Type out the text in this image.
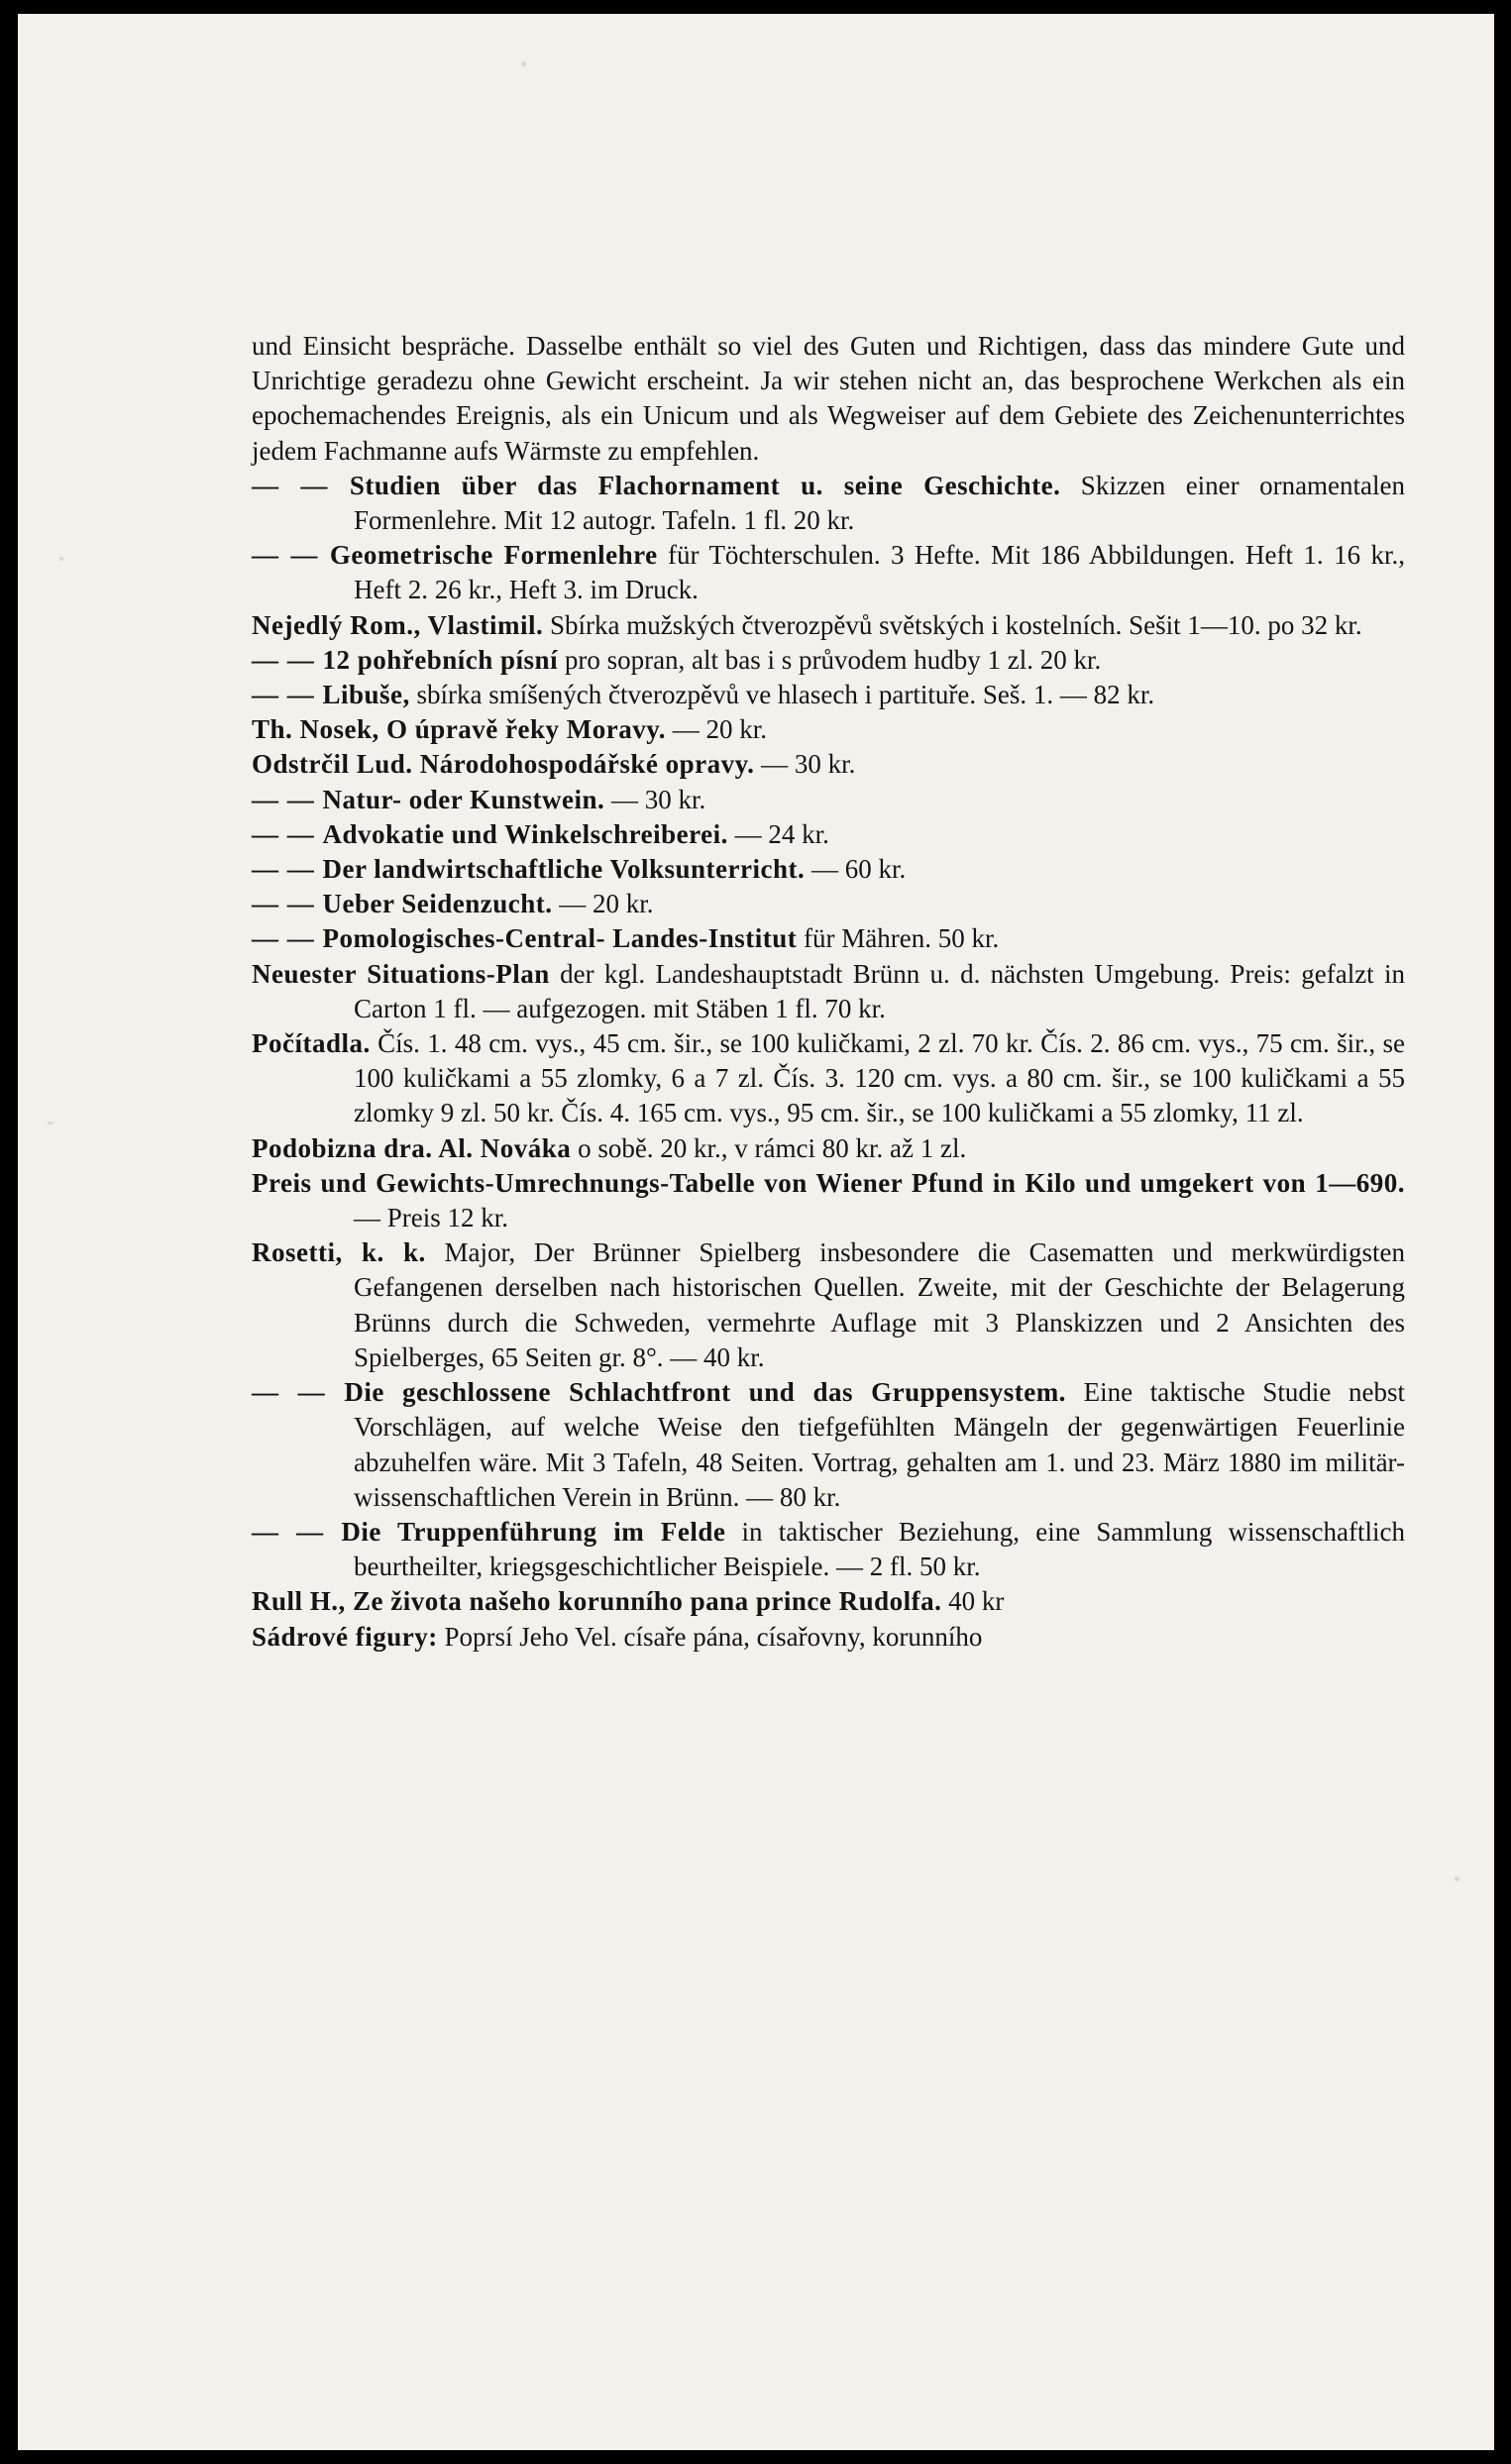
und Einsicht bespräche. Dasselbe enthält so viel des Guten und Richtigen, dass das mindere Gute und Unrichtige geradezu ohne Gewicht erscheint. Ja wir stehen nicht an, das besprochene Werkchen als ein epochemachendes Ereignis, als ein Unicum und als Wegweiser auf dem Gebiete des Zeichenunterrichtes jedem Fachmanne aufs Wärmste zu empfehlen.
— — Studien über das Flachornament u. seine Geschichte. Skizzen einer ornamentalen Formenlehre. Mit 12 autogr. Tafeln. 1 fl. 20 kr.
— — Geometrische Formenlehre für Töchterschulen. 3 Hefte. Mit 186 Abbildungen. Heft 1. 16 kr., Heft 2. 26 kr., Heft 3. im Druck.
Nejedlý Rom., Vlastimil. Sbírka mužských čtverozpěvů světských i kostelních. Sešit 1—10. po 32 kr.
— — 12 pohřebních písní pro sopran, alt bas i s průvodem hudby 1 zl. 20 kr.
— — Libuše, sbírka smíšených čtverozpěvů ve hlasech i partituře. Seš. 1. — 82 kr.
Th. Nosek, O úpravě řeky Moravy. — 20 kr.
Odstrčil Lud. Národohospodářské opravy. — 30 kr.
— — Natur- oder Kunstwein. — 30 kr.
— — Advokatie und Winkelschreiberei. — 24 kr.
— — Der landwirtschaftliche Volksunterricht. — 60 kr.
— — Ueber Seidenzucht. — 20 kr.
— — Pomologisches-Central- Landes-Institut für Mähren. 50 kr.
Neuester Situations-Plan der kgl. Landeshauptstadt Brünn u. d. nächsten Umgebung. Preis: gefalzt in Carton 1 fl. — aufgezogen. mit Stäben 1 fl. 70 kr.
Počítadla. Čís. 1. 48 cm. vys., 45 cm. šir., se 100 kuličkami, 2 zl. 70 kr. Čís. 2. 86 cm. vys., 75 cm. šir., se 100 kuličkami a 55 zlomky, 6 a 7 zl. Čís. 3. 120 cm. vys. a 80 cm. šir., se 100 kuličkami a 55 zlomky 9 zl. 50 kr. Čís. 4. 165 cm. vys., 95 cm. šir., se 100 kuličkami a 55 zlomky, 11 zl.
Podobizna dra. Al. Nováka o sobě. 20 kr., v rámci 80 kr. až 1 zl.
Preis und Gewichts-Umrechnungs-Tabelle von Wiener Pfund in Kilo und umgekert von 1—690. — Preis 12 kr.
Rosetti, k. k. Major, Der Brünner Spielberg insbesondere die Casematten und merkwürdigsten Gefangenen derselben nach historischen Quellen. Zweite, mit der Geschichte der Belagerung Brünns durch die Schweden, vermehrte Auflage mit 3 Planskizzen und 2 Ansichten des Spielberges, 65 Seiten gr. 8°. — 40 kr.
— — Die geschlossene Schlachtfront und das Gruppensystem. Eine taktische Studie nebst Vorschlägen, auf welche Weise den tiefgefühlten Mängeln der gegenwärtigen Feuerlinie abzuhelfen wäre. Mit 3 Tafeln, 48 Seiten. Vortrag, gehalten am 1. und 23. März 1880 im militär-wissenschaftlichen Verein in Brünn. — 80 kr.
— — Die Truppenführung im Felde in taktischer Beziehung, eine Sammlung wissenschaftlich beurtheilter, kriegsgeschichtlicher Beispiele. — 2 fl. 50 kr.
Rull H., Ze života našeho korunního pana prince Rudolfa. 40 kr
Sádrové figury: Poprsí Jeho Vel. císaře pána, císařovny, korunního
